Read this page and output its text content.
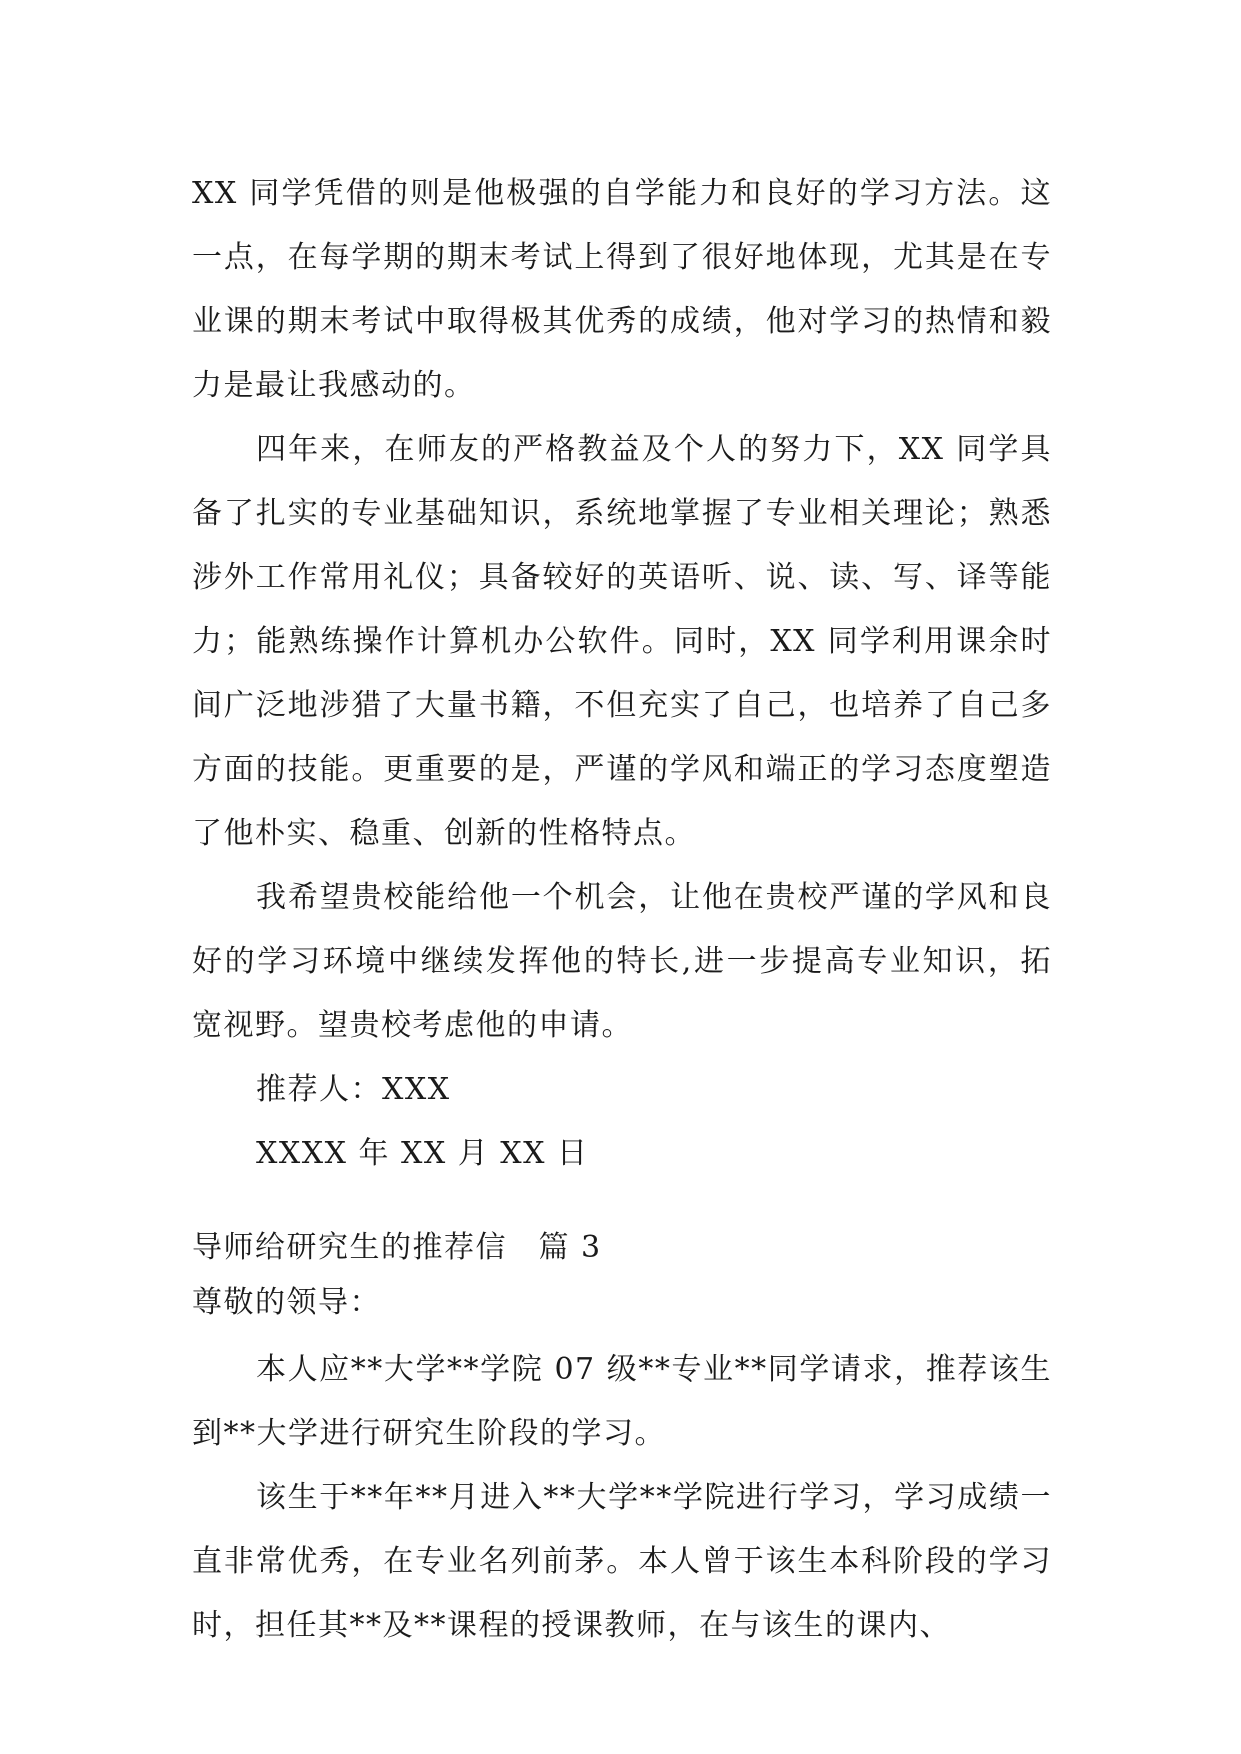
XX 同学凭借的则是他极强的自学能力和良好的学习方法。这一点，在每学期的期末考试上得到了很好地体现，尤其是在专业课的期末考试中取得极其优秀的成绩，他对学习的热情和毅力是最让我感动的。

四年来，在师友的严格教益及个人的努力下，XX 同学具备了扎实的专业基础知识，系统地掌握了专业相关理论；熟悉涉外工作常用礼仪；具备较好的英语听、说、读、写、译等能力；能熟练操作计算机办公软件。同时，XX 同学利用课余时间广泛地涉猎了大量书籍，不但充实了自己，也培养了自己多方面的技能。更重要的是，严谨的学风和端正的学习态度塑造了他朴实、稳重、创新的性格特点。

我希望贵校能给他一个机会，让他在贵校严谨的学风和良好的学习环境中继续发挥他的特长,进一步提高专业知识，拓宽视野。望贵校考虑他的申请。

推荐人：XXX

XXXX 年 XX 月 XX 日

导师给研究生的推荐信　篇 3

尊敬的领导：

本人应**大学**学院 07 级**专业**同学请求，推荐该生到**大学进行研究生阶段的学习。

该生于**年**月进入**大学**学院进行学习，学习成绩一直非常优秀，在专业名列前茅。本人曾于该生本科阶段的学习时，担任其**及**课程的授课教师，在与该生的课内、
